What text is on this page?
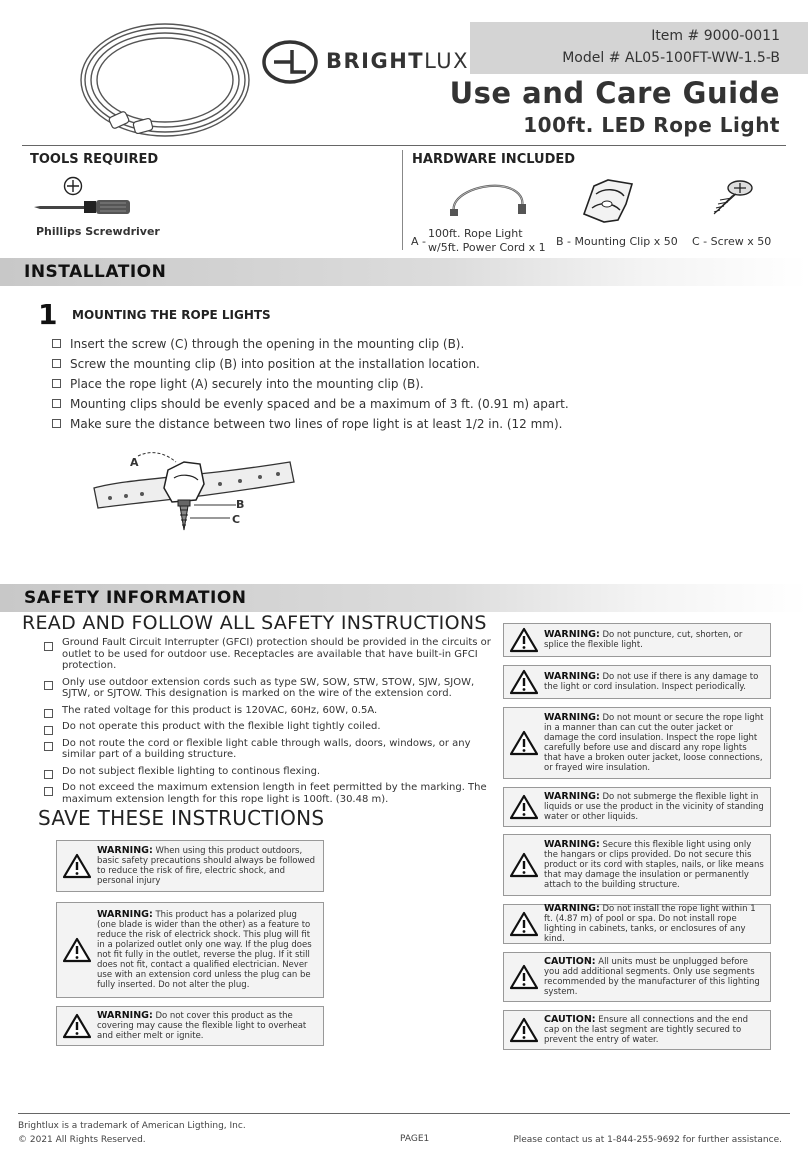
BRIGHTLUX
Item # 9000-0011
Model # AL05-100FT-WW-1.5-B
Use and Care Guide
100ft. LED Rope Light
TOOLS REQUIRED
Phillips Screwdriver
HARDWARE INCLUDED
A -
100ft. Rope Light
w/5ft. Power Cord x 1 B - Mounting Clip x 50 C - Screw x 50
INSTALLATION
1 MOUNTING THE ROPE LIGHTS
Insert the screw (C) through the opening in the mounting clip (B).
Screw the mounting clip (B) into position at the installation location.
Place the rope light (A) securely into the mounting clip (B).
Mounting clips should be evenly spaced and be a maximum of 3 ft. (0.91 m) apart.
Make sure the distance between two lines of rope light is at least 1/2 in. (12 mm).
A
B
C
SAFETY INFORMATION
READ AND FOLLOW ALL SAFETY INSTRUCTIONS
Ground Fault Circuit Interrupter (GFCI) protection should be provided in the circuits or outlet to be used for outdoor use. Receptacles are available that have built-in GFCI protection.
Only use outdoor extension cords such as type SW, SOW, STW, STOW, SJW, SJOW, SJTW, or SJTOW. This designation is marked on the wire of the extension cord.
The rated voltage for this product is 120VAC, 60Hz, 60W, 0.5A.
Do not operate this product with the flexible light tightly coiled.
Do not route the cord or flexible light cable through walls, doors, windows, or any similar part of a building structure.
Do not subject flexible lighting to continous flexing.
Do not exceed the maximum extension length in feet permitted by the marking. The maximum extension length for this rope light is 100ft. (30.48 m).
SAVE THESE INSTRUCTIONS
WARNING: When using this product outdoors, basic safety precautions should always be followed to reduce the risk of fire, electric shock, and personal injury
WARNING: This product has a polarized plug (one blade is wider than the other) as a feature to reduce the risk of electrick shock. This plug will fit in a polarized outlet only one way. If the plug does not fit fully in the outlet, reverse the plug. If it still does not fit, contact a qualified electrician. Never use with an extension cord unless the plug can be fully inserted. Do not alter the plug.
WARNING: Do not cover this product as the covering may cause the flexible light to overheat and either melt or ignite.
WARNING: Do not puncture, cut, shorten, or splice the flexible light.
WARNING: Do not use if there is any damage to the light or cord insulation. Inspect periodically.
WARNING: Do not mount or secure the rope light in a manner than can cut the outer jacket or damage the cord insulation. Inspect the rope light carefully before use and discard any rope lights that have a broken outer jacket, loose connections, or frayed wire insulation.
WARNING: Do not submerge the flexible light in liquids or use the product in the vicinity of standing water or other liquids.
WARNING: Secure this flexible light using only the hangars or clips provided. Do not secure this product or its cord with staples, nails, or like means that may damage the insulation or permanently attach to the building structure.
WARNING: Do not install the rope light within 1 ft. (4.87 m) of pool or spa. Do not install rope lighting in cabinets, tanks, or enclosures of any kind.
CAUTION: All units must be unplugged before you add additional segments. Only use segments recommended by the manufacturer of this lighting system.
CAUTION: Ensure all connections and the end cap on the last segment are tightly secured to prevent the entry of water.
Brightlux is a trademark of American Ligthing, Inc.
© 2021 All Rights Reserved.	PAGE1	Please contact us at 1-844-255-9692 for further assistance.
